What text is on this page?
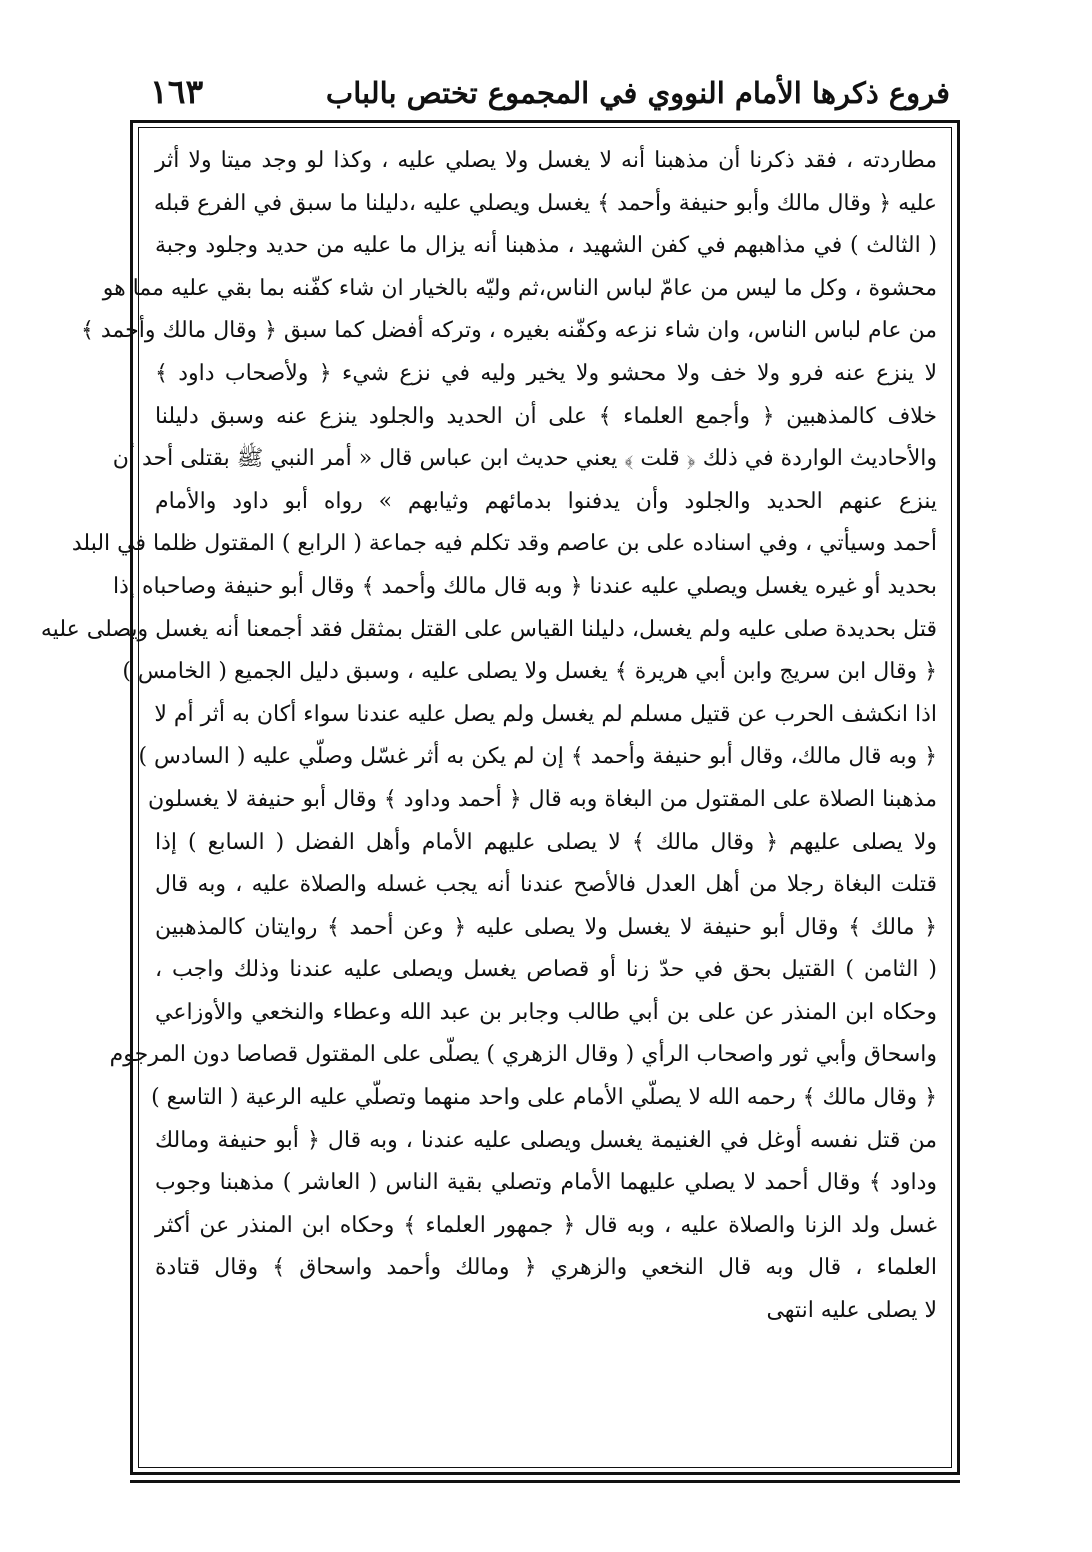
فروع ذكرها الأمام النووي في المجموع تختص بالباب
١٦٣
مطاردته ، فقد ذكرنا أن مذهبنا أنه لا يغسل ولا يصلي عليه ، وكذا لو وجد ميتا ولا أثر
عليه ﴿ وقال مالك وأبو حنيفة وأحمد ﴾ يغسل ويصلي عليه ،دليلنا ما سبق في الفرع قبله
( الثالث ) في مذاهبهم في كفن الشهيد ، مذهبنا أنه يزال ما عليه من حديد وجلود وجبة
محشوة ، وكل ما ليس من عامّ لباس الناس،ثم وليّه بالخيار ان شاء كفّنه بما بقي عليه مما هو
من عام لباس الناس، وان شاء نزعه وكفّنه بغيره ، وتركه أفضل كما سبق ﴿ وقال مالك وأحمد ﴾
لا ينزع عنه فرو ولا خف ولا محشو ولا يخير وليه في نزع شيء ﴿ ولأصحاب داود ﴾
خلاف كالمذهبين ﴿ وأجمع العلماء ﴾ على أن الحديد والجلود ينزع عنه وسبق دليلنا
والأحاديث الواردة في ذلك ﴿ قلت ﴾ يعني حديث ابن عباس قال « أمر النبي ﷺ بقتلى أحد أن
ينزع عنهم الحديد والجلود وأن يدفنوا بدمائهم وثيابهم » رواه أبو داود والأمام
أحمد وسيأتي ، وفي اسناده على بن عاصم وقد تكلم فيه جماعة ( الرابع ) المقتول ظلما في البلد
بحديد أو غيره يغسل ويصلي عليه عندنا ﴿ وبه قال مالك وأحمد ﴾ وقال أبو حنيفة وصاحباه إذا
قتل بحديدة صلى عليه ولم يغسل، دليلنا القياس على القتل بمثقل فقد أجمعنا أنه يغسل ويصلى عليه
﴿ وقال ابن سريج وابن أبي هريرة ﴾ يغسل ولا يصلى عليه ، وسبق دليل الجميع ( الخامس )
اذا انكشف الحرب عن قتيل مسلم لم يغسل ولم يصل عليه عندنا سواء أكان به أثر أم لا
﴿ وبه قال مالك، وقال أبو حنيفة وأحمد ﴾ إن لم يكن به أثر غسّل وصلّي عليه ( السادس )
مذهبنا الصلاة على المقتول من البغاة وبه قال ﴿ أحمد وداود ﴾ وقال أبو حنيفة لا يغسلون
ولا يصلى عليهم ﴿ وقال مالك ﴾ لا يصلى عليهم الأمام وأهل الفضل ( السابع ) إذا
قتلت البغاة رجلا من أهل العدل فالأصح عندنا أنه يجب غسله والصلاة عليه ، وبه قال
﴿ مالك ﴾ وقال أبو حنيفة لا يغسل ولا يصلى عليه ﴿ وعن أحمد ﴾ روايتان كالمذهبين
( الثامن ) القتيل بحق في حدّ زنا أو قصاص يغسل ويصلى عليه عندنا وذلك واجب ،
وحكاه ابن المنذر عن على بن أبي طالب وجابر بن عبد الله وعطاء والنخعي والأوزاعي
واسحاق وأبي ثور واصحاب الرأي ( وقال الزهري ) يصلّى على المقتول قصاصا دون المرجوم
﴿ وقال مالك ﴾ رحمه الله لا يصلّي الأمام على واحد منهما وتصلّي عليه الرعية ( التاسع )
من قتل نفسه أوغل في الغنيمة يغسل ويصلى عليه عندنا ، وبه قال ﴿ أبو حنيفة ومالك
وداود ﴾ وقال أحمد لا يصلي عليهما الأمام وتصلي بقية الناس ( العاشر ) مذهبنا وجوب
غسل ولد الزنا والصلاة عليه ، وبه قال ﴿ جمهور العلماء ﴾ وحكاه ابن المنذر عن أكثر
العلماء ، قال وبه قال النخعي والزهري ﴿ ومالك وأحمد واسحاق ﴾ وقال قتادة
لا يصلى عليه انتهى
